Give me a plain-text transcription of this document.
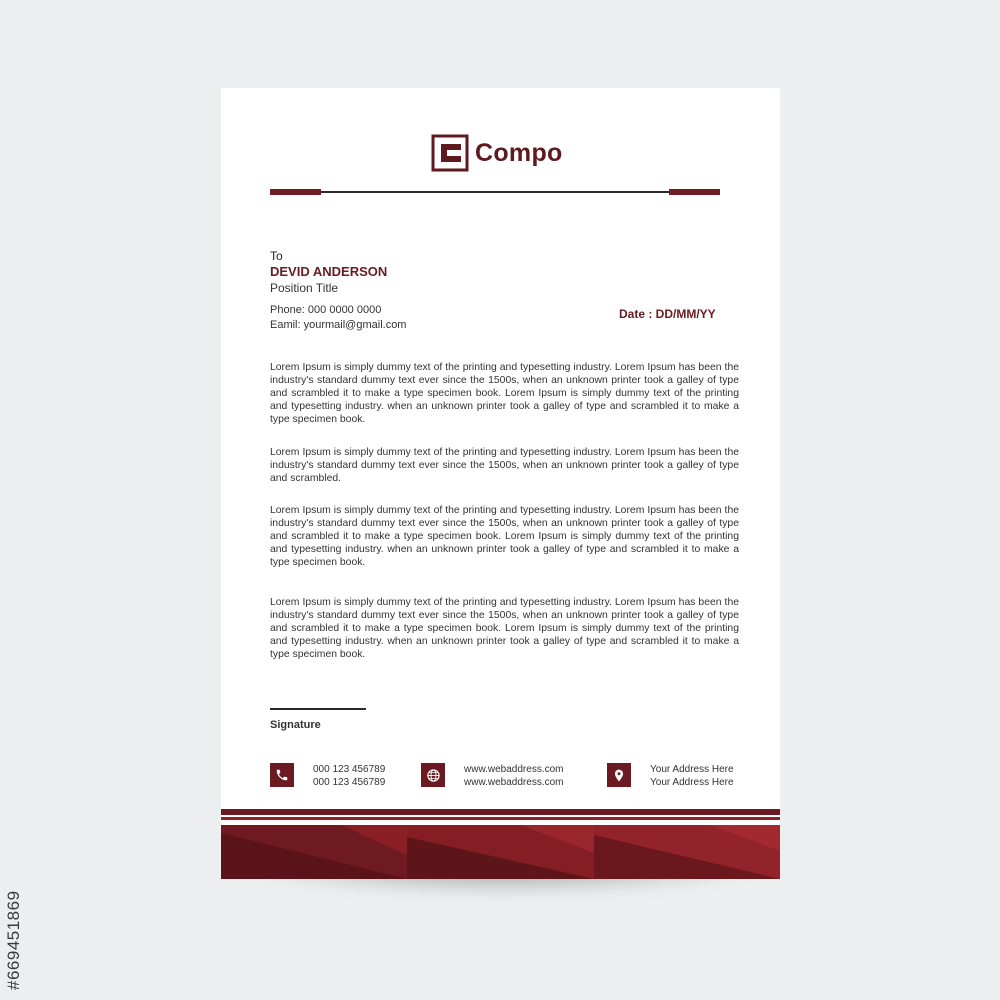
#669451869
Compo
To
DEVID ANDERSON
Position Title
Phone: 000 0000 0000
Eamil: yourmail@gmail.com
Date : DD/MM/YY

Lorem Ipsum is simply dummy text of the printing and typesetting industry. Lorem Ipsum has been the industry's standard dummy text ever since the 1500s, when an unknown printer took a galley of type and scrambled it to make a type specimen book. Lorem Ipsum is simply dummy text of the printing and typesetting industry. when an unknown printer took a galley of type and scrambled it to make a type specimen book.

Lorem Ipsum is simply dummy text of the printing and typesetting industry. Lorem Ipsum has been the industry's standard dummy text ever since the 1500s, when an unknown printer took a galley of type and scrambled.

Lorem Ipsum is simply dummy text of the printing and typesetting industry. Lorem Ipsum has been the industry's standard dummy text ever since the 1500s, when an unknown printer took a galley of type and scrambled it to make a type specimen book. Lorem Ipsum is simply dummy text of the printing and typesetting industry. when an unknown printer took a galley of type and scrambled it to make a type specimen book.

Lorem Ipsum is simply dummy text of the printing and typesetting industry. Lorem Ipsum has been the industry's standard dummy text ever since the 1500s, when an unknown printer took a galley of type and scrambled it to make a type specimen book. Lorem Ipsum is simply dummy text of the printing and typesetting industry. when an unknown printer took a galley of type and scrambled it to make a type specimen book.

Signature
000 123 456789
000 123 456789
www.webaddress.com
www.webaddress.com
Your Address Here
Your Address Here
